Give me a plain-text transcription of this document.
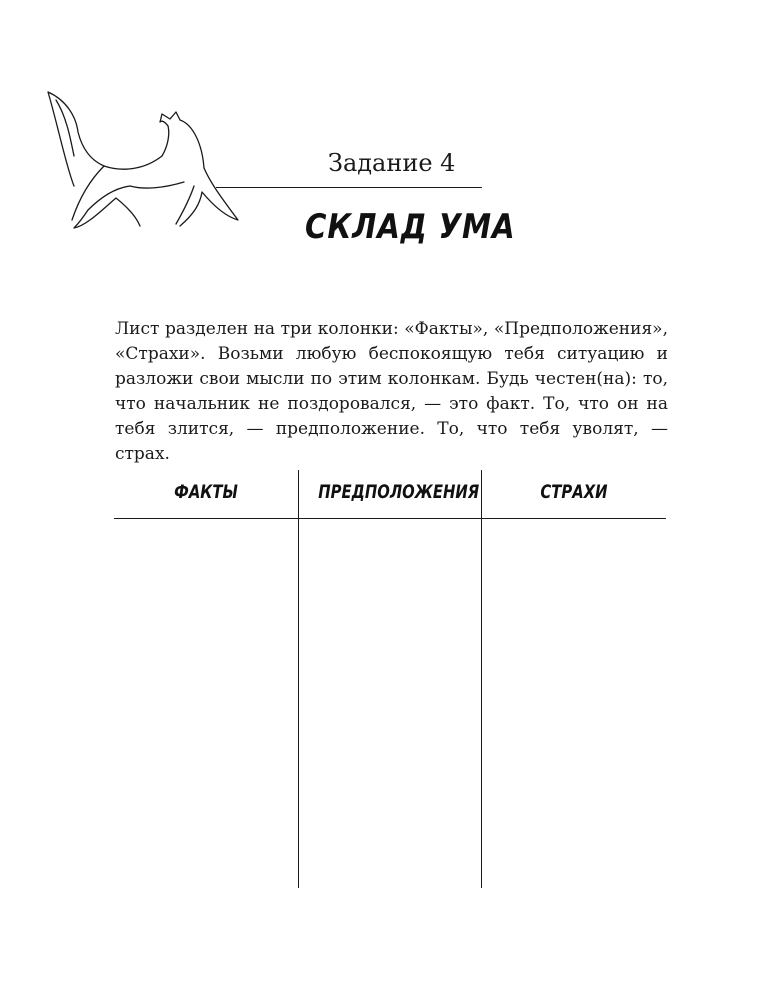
Задание 4
СКЛАД УМА

Лист разделен на три колонки: «Факты», «Предположения», «Страхи». Возьми любую беспокоящую тебя ситуацию и разложи свои мысли по этим колонкам. Будь честен(на): то, что начальник не поздоровался, — это факт. То, что он на тебя злится, — предположение. То, что тебя уволят, — страх.

ФАКТЫ	ПРЕДПОЛОЖЕНИЯ	СТРАХИ
